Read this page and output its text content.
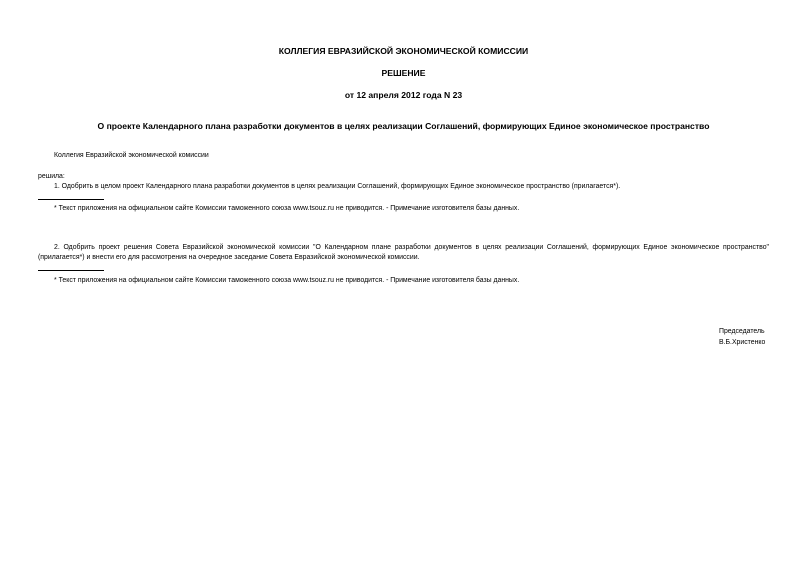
КОЛЛЕГИЯ ЕВРАЗИЙСКОЙ ЭКОНОМИЧЕСКОЙ КОМИССИИ
РЕШЕНИЕ
от 12 апреля 2012 года N 23
О проекте Календарного плана разработки документов в целях реализации Соглашений, формирующих Единое экономическое пространство
Коллегия Евразийской экономической комиссии
решила:
1. Одобрить в целом проект Календарного плана разработки документов в целях реализации Соглашений, формирующих Единое экономическое пространство (прилагается*).
* Текст приложения на официальном сайте Комиссии таможенного союза www.tsouz.ru не приводится. - Примечание изготовителя базы данных.
2. Одобрить проект решения Совета Евразийской экономической комиссии "О Календарном плане разработки документов в целях реализации Соглашений, формирующих Единое экономическое пространство" (прилагается*) и внести его для рассмотрения на очередное заседание Совета Евразийской экономической комиссии.
* Текст приложения на официальном сайте Комиссии таможенного союза www.tsouz.ru не приводится. - Примечание изготовителя базы данных.
Председатель
В.Б.Христенко
